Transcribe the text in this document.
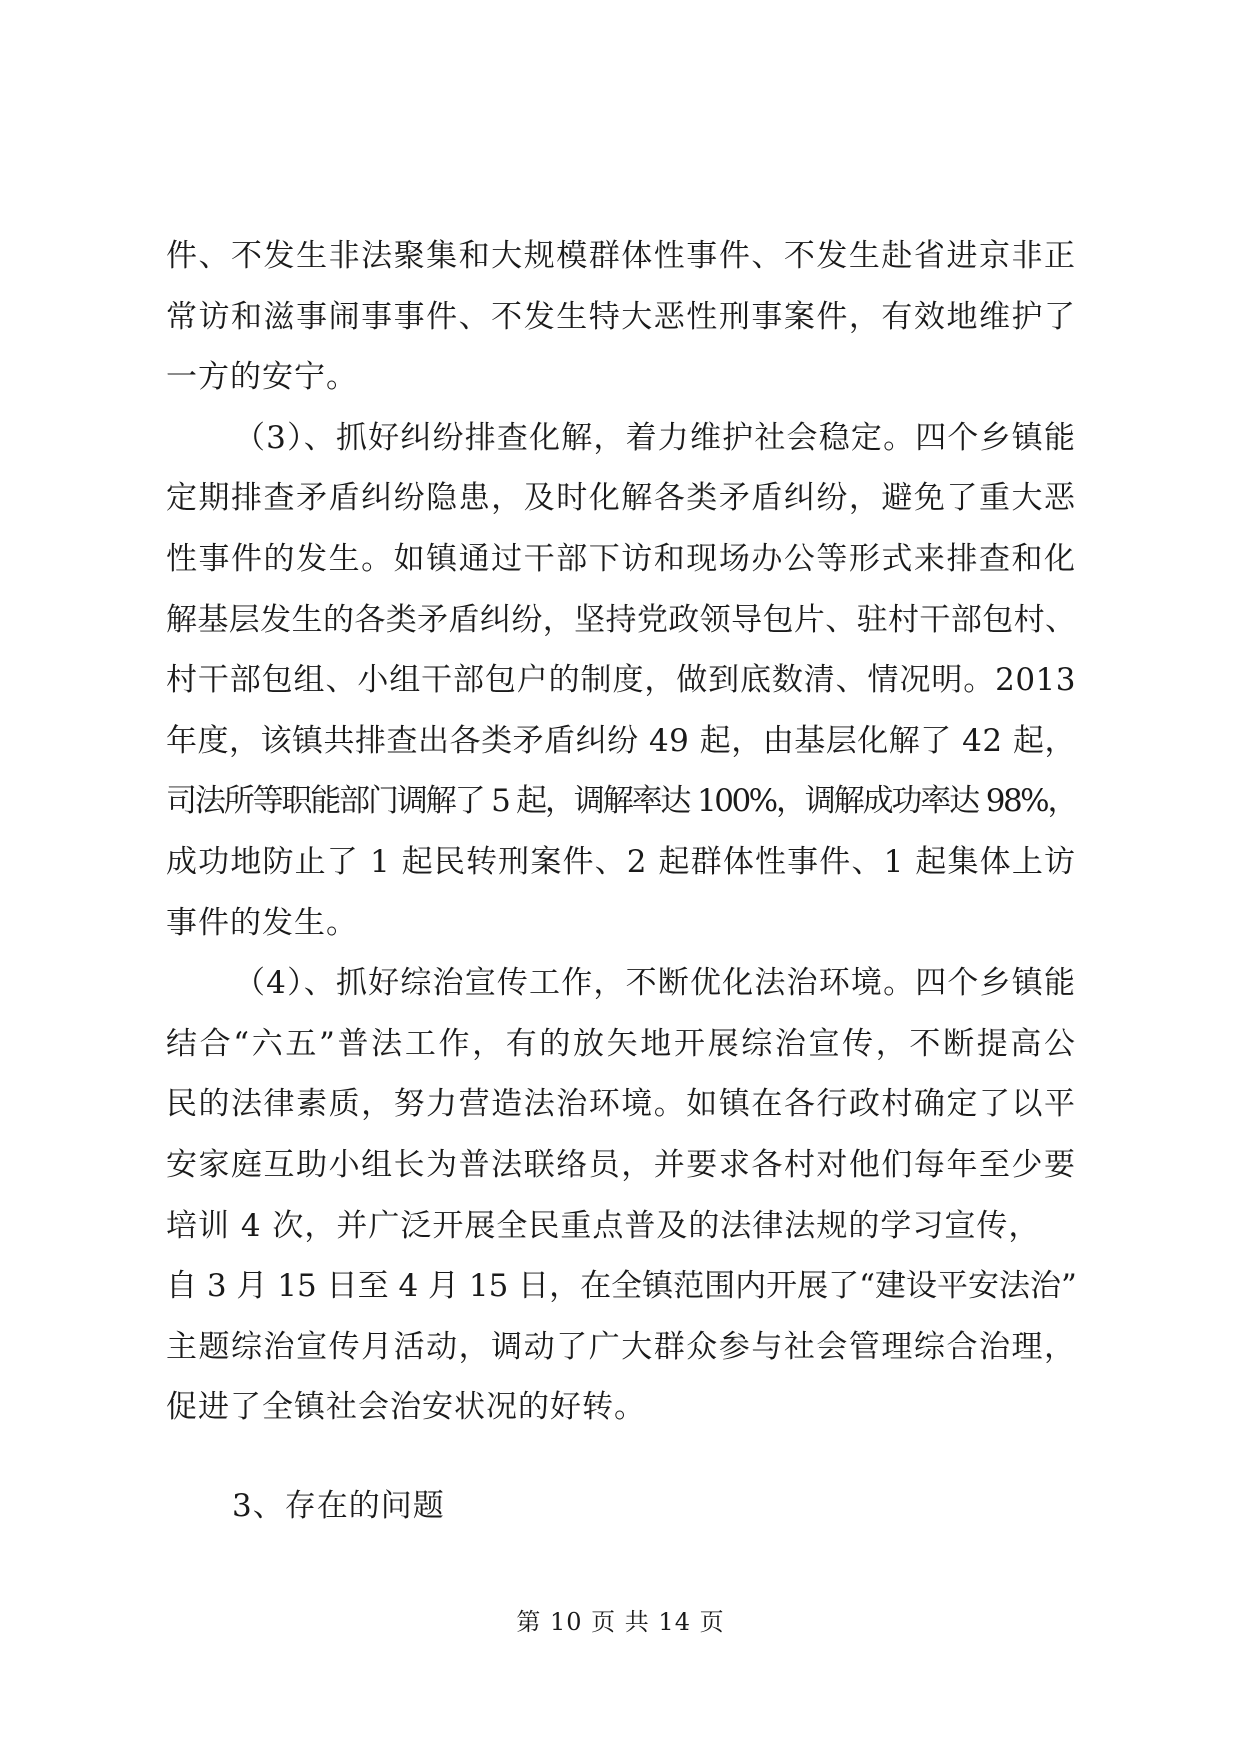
件、不发生非法聚集和大规模群体性事件、不发生赴省进京非正
常访和滋事闹事事件、不发生特大恶性刑事案件，有效地维护了
一方的安宁。
（3）、抓好纠纷排查化解，着力维护社会稳定。四个乡镇能
定期排查矛盾纠纷隐患，及时化解各类矛盾纠纷，避免了重大恶
性事件的发生。如镇通过干部下访和现场办公等形式来排查和化
解基层发生的各类矛盾纠纷，坚持党政领导包片、驻村干部包村、
村干部包组、小组干部包户的制度，做到底数清、情况明。2013
年度，该镇共排查出各类矛盾纠纷 49 起，由基层化解了 42 起，
司法所等职能部门调解了 5 起，调解率达 100%，调解成功率达 98%，
成功地防止了 1 起民转刑案件、2 起群体性事件、1 起集体上访
事件的发生。
（4）、抓好综治宣传工作，不断优化法治环境。四个乡镇能
结合“六五”普法工作，有的放矢地开展综治宣传，不断提高公
民的法律素质，努力营造法治环境。如镇在各行政村确定了以平
安家庭互助小组长为普法联络员，并要求各村对他们每年至少要
培训 4 次，并广泛开展全民重点普及的法律法规的学习宣传，
自 3 月 15 日至 4 月 15 日，在全镇范围内开展了“建设平安法治”
主题综治宣传月活动，调动了广大群众参与社会管理综合治理，
促进了全镇社会治安状况的好转。
3、存在的问题
第 10 页 共 14 页
